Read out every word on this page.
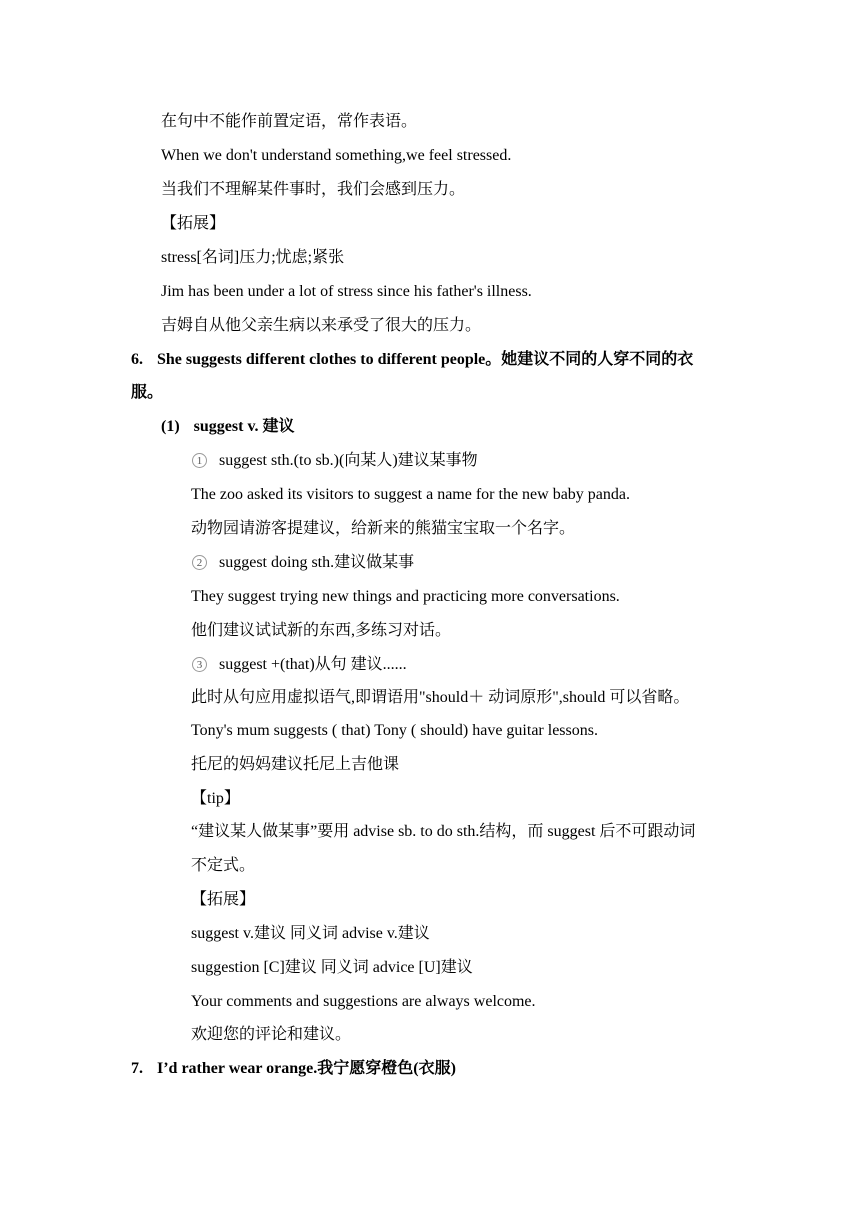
在句中不能作前置定语，常作表语。
When we don't understand something,we feel stressed.
当我们不理解某件事时，我们会感到压力。
【拓展】
stress[名词]压力;忧虑;紧张
Jim has been under a lot of stress since his father's illness.
吉姆自从他父亲生病以来承受了很大的压力。
6. She suggests different clothes to different people。她建议不同的人穿不同的衣
服。
(1) suggest v. 建议
1 suggest sth.(to sb.)(向某人)建议某事物
The zoo asked its visitors to suggest a name for the new baby panda.
动物园请游客提建议，给新来的熊猫宝宝取一个名字。
2 suggest doing sth.建议做某事
They suggest trying new things and practicing more conversations.
他们建议试试新的东西,多练习对话。
3 suggest +(that)从句 建议......
此时从句应用虚拟语气,即谓语用"should＋ 动词原形",should 可以省略。
Tony's mum suggests ( that) Tony ( should) have guitar lessons.
托尼的妈妈建议托尼上吉他课
【tip】
“建议某人做某事”要用 advise sb. to do sth.结构，而 suggest 后不可跟动词
不定式。
【拓展】
suggest v.建议 同义词 advise v.建议
suggestion [C]建议 同义词 advice [U]建议
Your comments and suggestions are always welcome.
欢迎您的评论和建议。
7. I’d rather wear orange.我宁愿穿橙色(衣服)
